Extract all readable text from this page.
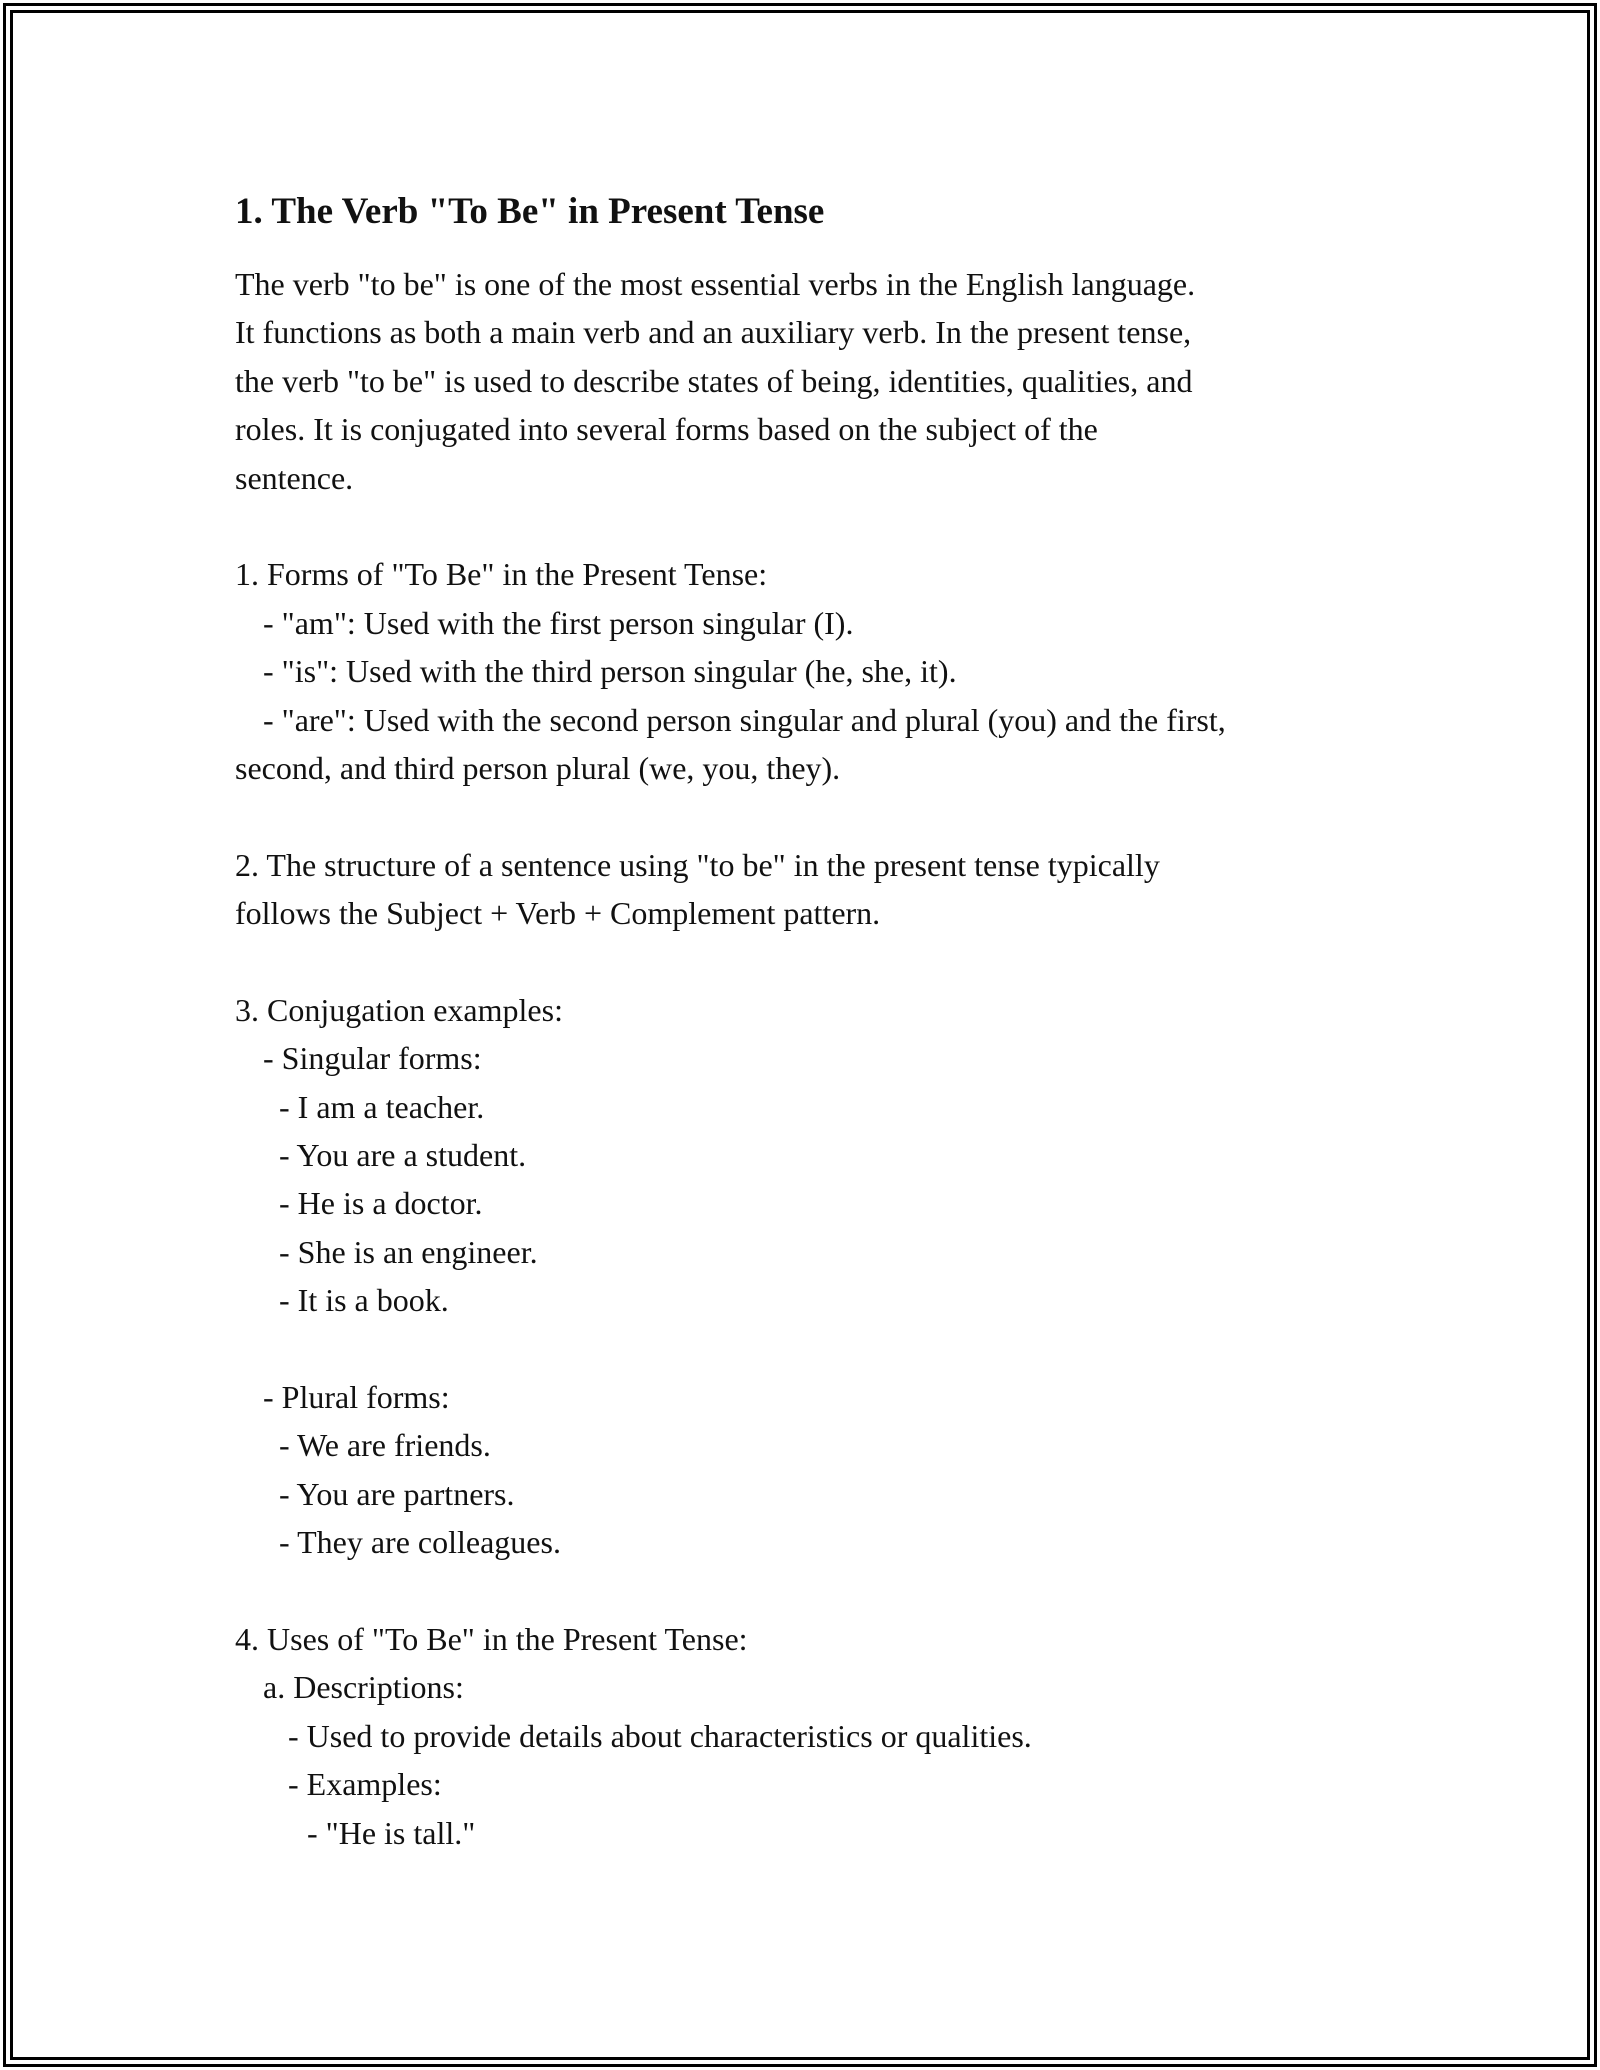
1. The Verb "To Be" in Present Tense
The verb "to be" is one of the most essential verbs in the English language.
It functions as both a main verb and an auxiliary verb. In the present tense,
the verb "to be" is used to describe states of being, identities, qualities, and
roles. It is conjugated into several forms based on the subject of the
sentence.
1. Forms of "To Be" in the Present Tense:
- "am": Used with the first person singular (I).
- "is": Used with the third person singular (he, she, it).
- "are": Used with the second person singular and plural (you) and the first,
second, and third person plural (we, you, they).
2. The structure of a sentence using "to be" in the present tense typically
follows the Subject + Verb + Complement pattern.
3. Conjugation examples:
- Singular forms:
- I am a teacher.
- You are a student.
- He is a doctor.
- She is an engineer.
- It is a book.
- Plural forms:
- We are friends.
- You are partners.
- They are colleagues.
4. Uses of "To Be" in the Present Tense:
a. Descriptions:
- Used to provide details about characteristics or qualities.
- Examples:
- "He is tall."
